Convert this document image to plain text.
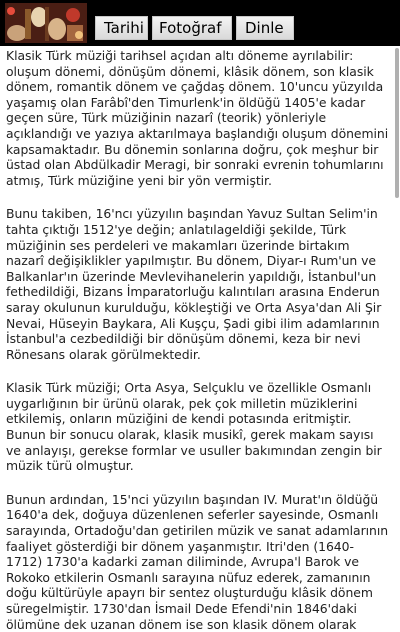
Tarihi	Fotoğraf	Dinle

Klasik Türk müziği tarihsel açıdan altı döneme ayrılabilir: oluşum dönemi, dönüşüm dönemi, klâsik dönem, son klasik dönem, romantik dönem ve çağdaş dönem. 10'uncu yüzyılda yaşamış olan Farâbî'den Timurlenk'in öldüğü 1405'e kadar geçen süre, Türk müziğinin nazarî (teorik) yönleriyle açıklandığı ve yazıya aktarılmaya başlandığı oluşum dönemini kapsamaktadır. Bu dönemin sonlarına doğru, çok meşhur bir üstad olan Abdülkadir Meragi, bir sonraki evrenin tohumlarını atmış, Türk müziğine yeni bir yön vermiştir.

Bunu takiben, 16'ncı yüzyılın başından Yavuz Sultan Selim'in tahta çıktığı 1512'ye değin; anlatılageldiği şekilde, Türk müziğinin ses perdeleri ve makamları üzerinde birtakım nazarî değişiklikler yapılmıştır. Bu dönem, Diyar-ı Rum'un ve Balkanlar'ın üzerinde Mevlevihanelerin yapıldığı, İstanbul'un fethedildiği, Bizans İmparatorluğu kalıntıları arasına Enderun saray okulunun kurulduğu, kökleştiği ve Orta Asya'dan Ali Şir Nevai, Hüseyin Baykara, Ali Kuşçu, Şadi gibi ilim adamlarının İstanbul'a cezbedildiği bir dönüşüm dönemi, keza bir nevi Rönesans olarak görülmektedir.

Klasik Türk müziği; Orta Asya, Selçuklu ve özellikle Osmanlı uygarlığının bir ürünü olarak, pek çok milletin müziklerini etkilemiş, onların müziğini de kendi potasında eritmiştir. Bunun bir sonucu olarak, klasik musikî, gerek makam sayısı ve anlayışı, gerekse formlar ve usuller bakımından zengin bir müzik türü olmuştur.

Bunun ardından, 15'nci yüzyılın başından IV. Murat'ın öldüğü 1640'a dek, doğuya düzenlenen seferler sayesinde, Osmanlı sarayında, Ortadoğu'dan getirilen müzik ve sanat adamlarının faaliyet gösterdiği bir dönem yaşanmıştır. Itri'den (1640-1712) 1730'a kadarki zaman diliminde, Avrupa'l Barok ve Rokoko etkilerin Osmanlı sarayına nüfuz ederek, zamanının doğu kültürüyle apayrı bir sentez oluşturduğu klâsik dönem süregelmiştir. 1730'dan İsmail Dede Efendi'nin 1846'daki ölümüne dek uzanan dönem ise son klasik dönem olarak
